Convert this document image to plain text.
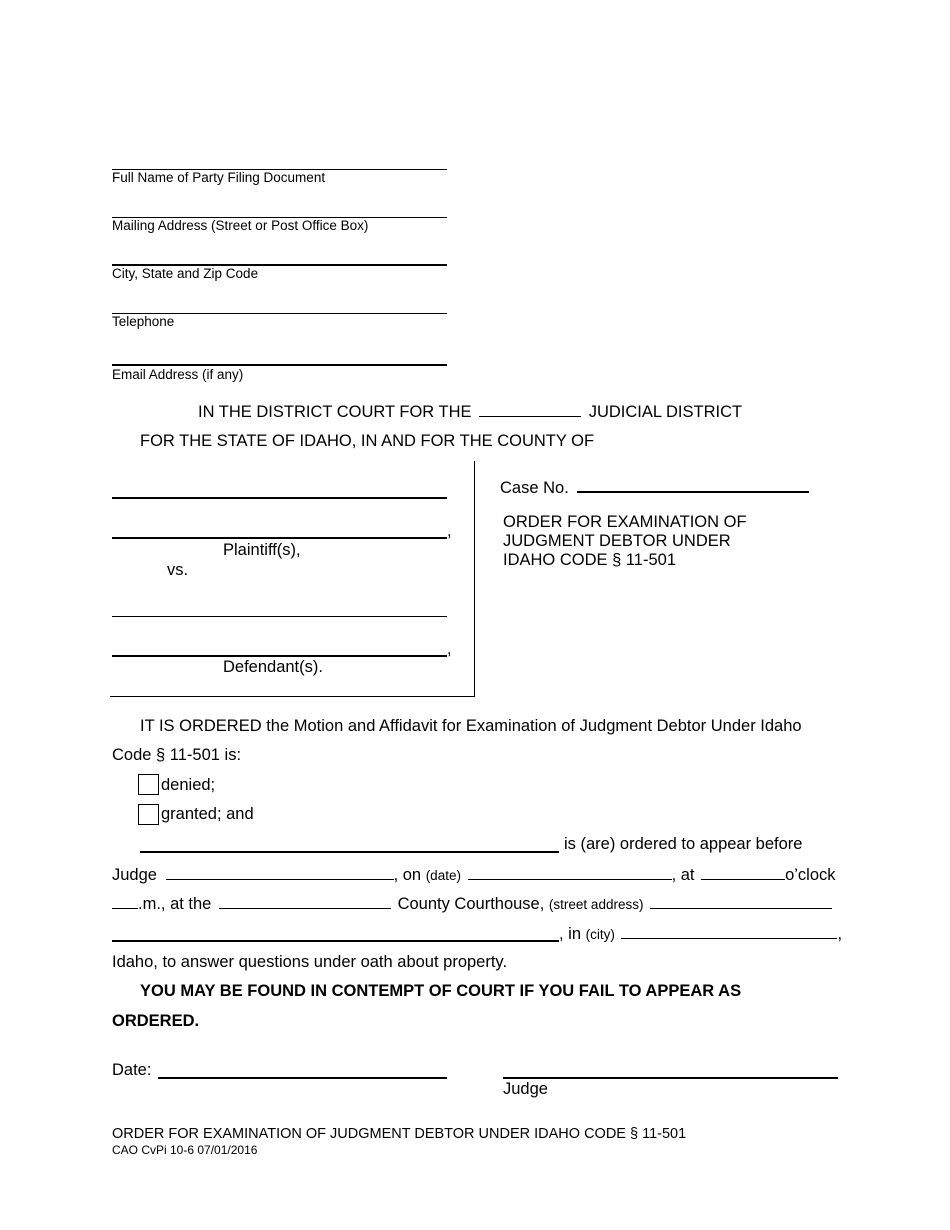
Full Name of Party Filing Document
Mailing Address (Street or Post Office Box)
City, State and Zip Code
Telephone
Email Address (if any)
IN THE DISTRICT COURT FOR THE	JUDICIAL DISTRICT
FOR THE STATE OF IDAHO, IN AND FOR THE COUNTY OF
,
Plaintiff(s),
vs.
,
Defendant(s).
Case No.
ORDER FOR EXAMINATION OF
JUDGMENT DEBTOR UNDER
IDAHO CODE § 11-501
IT IS ORDERED the Motion and Affidavit for Examination of Judgment Debtor Under Idaho
Code § 11-501 is:
denied;
granted; and
is (are) ordered to appear before
Judge	, on (date)	, at	o’clock
.m., at the	County Courthouse, (street address)
, in (city)	,
Idaho, to answer questions under oath about property.
YOU MAY BE FOUND IN CONTEMPT OF COURT IF YOU FAIL TO APPEAR AS
ORDERED.
Date:
Judge
ORDER FOR EXAMINATION OF JUDGMENT DEBTOR UNDER IDAHO CODE § 11-501
CAO CvPi 10-6 07/01/2016
